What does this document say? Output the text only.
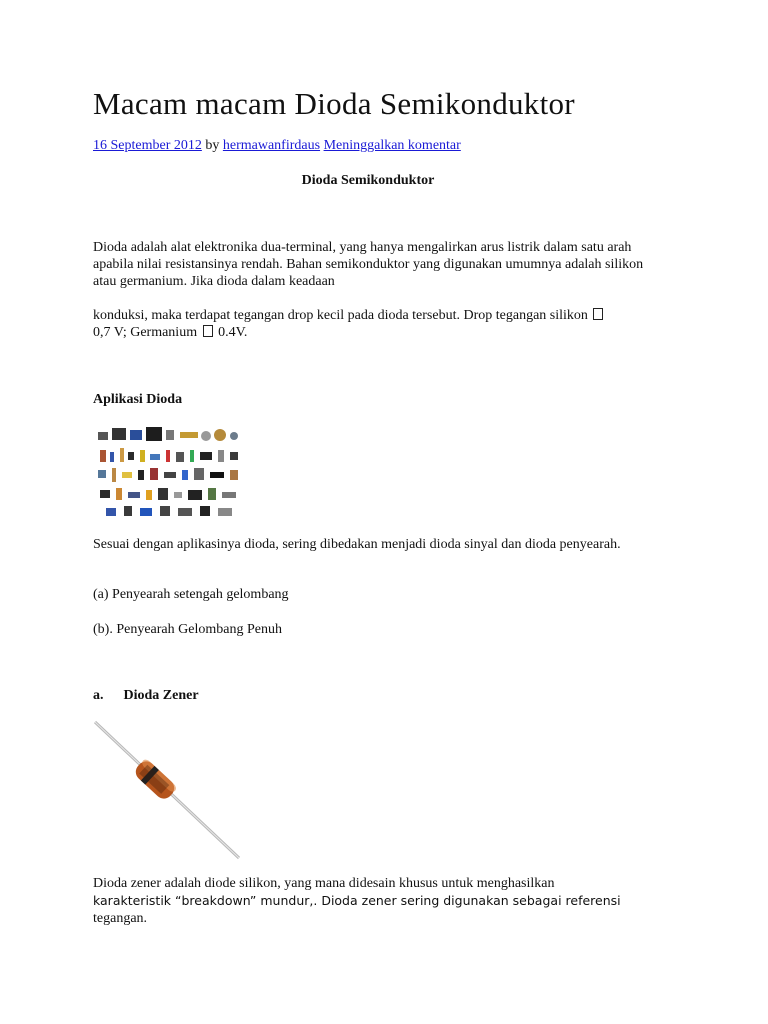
Macam macam Dioda Semikonduktor
16 September 2012 by hermawanfirdaus Meninggalkan komentar
Dioda Semikonduktor
Dioda adalah alat elektronika dua-terminal, yang hanya mengalirkan arus listrik dalam satu arah apabila nilai resistansinya rendah. Bahan semikonduktor yang digunakan umumnya adalah silikon atau germanium. Jika dioda dalam keadaan
konduksi, maka terdapat tegangan drop kecil pada dioda tersebut. Drop tegangan silikon
0,7 V; Germanium 0.4V.
Aplikasi Dioda
Sesuai dengan aplikasinya dioda, sering dibedakan menjadi dioda sinyal dan dioda penyearah.
(a) Penyearah setengah gelombang
(b). Penyearah Gelombang Penuh
a. Dioda Zener
Dioda zener adalah diode silikon, yang mana didesain khusus untuk menghasilkan
karakteristik “breakdown” mundur,. Dioda zener sering digunakan sebagai referensi
tegangan.
